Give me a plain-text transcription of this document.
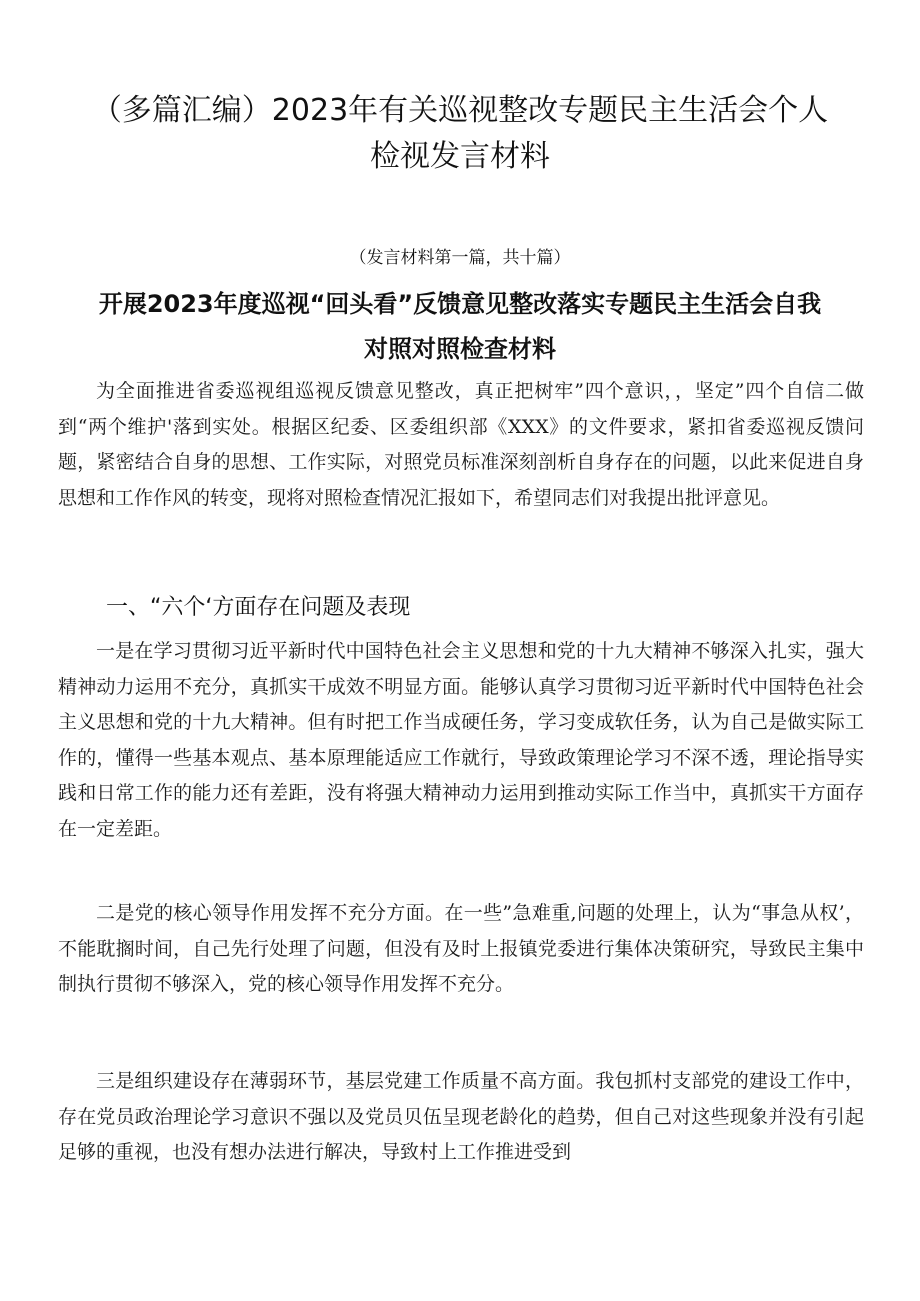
（多篇汇编）2023年有关巡视整改专题民主生活会个人检视发言材料

（发言材料第一篇，共十篇）

开展2023年度巡视“回头看”反馈意见整改落实专题民主生活会自我对照对照检查材料

为全面推进省委巡视组巡视反馈意见整改，真正把树牢”四个意识，，坚定”四个自信二做到“两个维护'落到实处。根据区纪委、区委组织部《XXX》的文件要求，紧扣省委巡视反馈问题，紧密结合自身的思想、工作实际，对照党员标准深刻剖析自身存在的问题，以此来促进自身思想和工作作风的转变，现将对照检查情况汇报如下，希望同志们对我提出批评意见。

一、“六个‘方面存在问题及表现

一是在学习贯彻习近平新时代中国特色社会主义思想和党的十九大精神不够深入扎实，强大精神动力运用不充分，真抓实干成效不明显方面。能够认真学习贯彻习近平新时代中国特色社会主义思想和党的十九大精神。但有时把工作当成硬任务，学习变成软任务，认为自己是做实际工作的，懂得一些基本观点、基本原理能适应工作就行，导致政策理论学习不深不透，理论指导实践和日常工作的能力还有差距，没有将强大精神动力运用到推动实际工作当中，真抓实干方面存在一定差距。

二是党的核心领导作用发挥不充分方面。在一些”急难重,问题的处理上，认为“事急从权’，不能耽搁时间，自己先行处理了问题，但没有及时上报镇党委进行集体决策研究，导致民主集中制执行贯彻不够深入，党的核心领导作用发挥不充分。

三是组织建设存在薄弱环节，基层党建工作质量不高方面。我包抓村支部党的建设工作中，存在党员政治理论学习意识不强以及党员贝伍呈现老龄化的趋势，但自己对这些现象并没有引起足够的重视，也没有想办法进行解决，导致村上工作推进受到
